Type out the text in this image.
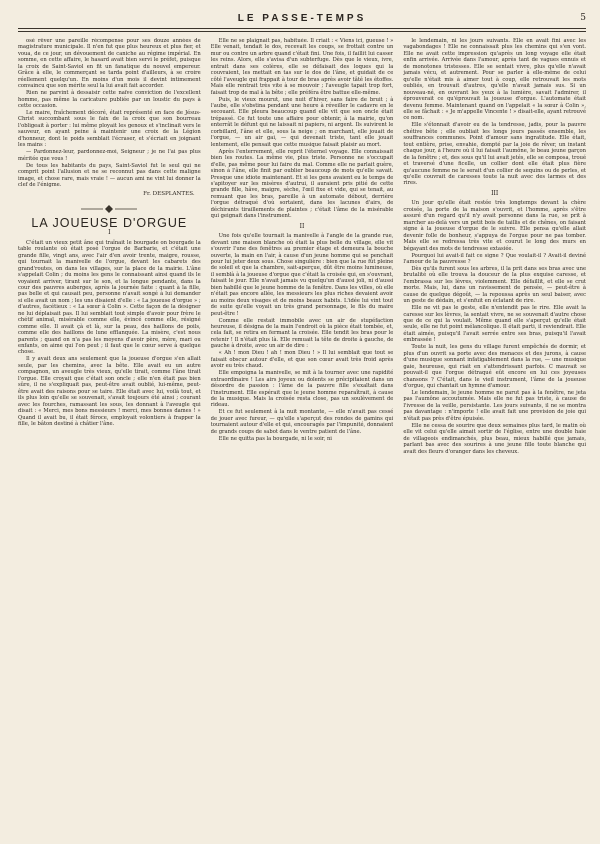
LE PASSE-TEMPS	5

osé rêver une pareille récompense pour ses douze années de magistrature municipale. Il n'en fut que plus heureux et plus fier, et voua, de ce jour, un dévouement de caniche au régime impérial. En somme, en cette affaire, le hasard avait bien servi le préfet, puisque la croix de Saint-Saviol en fit un fanatique du nouvel empereur. Grâce à elle, le commerçant se tarda point d'ailleurs, à se croire réellement quelqu'un. En moins d'un mois il devint intimement convaincu que son mérite seul la lui avait fait accorder.

Rien ne parvint à dessaisir cette naïve conviction de l'excellent homme, pas même la caricature publiée par un loustic du pays à cette occasion.

Le maire, fraîchement décoré, était représenté en face de Jésus-Christ succombant sous le faix de la croix que son bourreau l'obligeait à porter : lui même ployait les genoux et s'inclinait vers le sauveur, en ayant peine à maintenir une croix de la Légion d'honneur, dont le poids semblait l'écraser, et s'écriait en joignant les mains :

— Pardonnez-leur, pardonnez-moi, Seigneur ; je ne l'ai pas plus méritée que vous !

De tous les habitants du pays, Saint-Saviol fut le seul qui ne comprit point l'allusion et ne se reconnut pas dans cette maligne image, et chose rare, mais vraie ! — aucun ami ne vint lui donner la clef de l'énigme.

Fr. DESPLANTES.
LA JOUEUSE D'ORGUE
I

C'était un vieux petit âne qui traînait le bourgade on bourgade la table roulante où était posé l'orgue de Barbarie, et c'était une grande fille, vingt ans, avec l'air d'en avoir trente, maigre, rousse, qui tournait la manivelle de l'orgue, devant les cabarets des grand'routes, on dans les villages, sur la place de la mairie. L'âne s'appelait Colin ; du moins les gens le connaissant ainsi quand ils le voyaient arriver, tirant sur le son, et la longue pendante, dans la cour des pauvres auberges, après la journée faite : quant à la fille, pas belle et qui causait peu, personne n'avait songé à lui demander si elle avait un nom ; les uns disaient d'elle : « La joueuse d'orgue » ; d'autres, facétieux : « La sœur à Colin ». Cette façon de la désigner ne lui déplaisait pas. Il lui semblait tout simple d'avoir pour frère le chétif animal, misérable comme elle, évincé comme elle, résigné comme elle. Il avait çà et là, sur la peau, des haillons de poils, comme elle des haillons de lune efflanquée. La misère, c'est nous parents ; quand on n'a pas les moyens d'avoir père, mère, mari ou enfants, on aime qui l'on peut ; il faut que le cœur serve à quelque chose.

Il y avait deux ans seulement que la joueuse d'orgue s'en allait seule, par les chemins, avec la bête. Elle avait eu un autre compagnon, un aveugle très vieux, qu'elle tirait, comme l'âne tirait l'orgue. Elle croyait que c'était son oncle ; elle n'en était pas bien sûre, il ne s'expliquait pas, peut-être avait oublié, lui-même, peut-être avait des raisons pour se taire. Elle était avec lui, voilà tout, et ils plus loin qu'elle se souvenait, s'avait toujours été ainsi ; courant avec les fourches, ramassant les sous, les donnant à l'aveugle qui disait : « Merci, mes bons messieurs ! merci, mes bonnes dames ! » Quand il avait bu, il était féroce, employait volontiers à frapper la fille, le bâton destiné à châtier l'âne.

Elle ne se plaignait pas, habituée. Il criait : « Viens ici, gueuse ! » Elle venait, tendait le dos, recevait les coups, se frottait contre un mur ou contre un arbre quand c'était fini. Une fois, il faillit lui casser les reins. Alors, elle s'avisa d'un subterfuge. Dès que le vieux, ivre, entrait dans ses colères, elle se défaisait des loques qui la couvraient, les mettait en tas sur le dos de l'âne, et guidait de ce côté l'aveugle qui frappait à tour de bras après avoir tâté les étoffes. Mais elle rentrait très vite à se mouvoir ; l'aveugle tapait trop fort, faisait trop de mal à la bête ; elle préféra être battue elle-même.

Puis, le vieux mourut, une nuit d'hiver, sans faire de bruit ; à l'aube, elle s'obstina pendant une heure à réveiller le cadavre en le secouant. Elle pleura beaucoup quand elle vit que son oncle était trépassé. Ce fut toute une affaire pour obtenir, à la mairie, qu'on enterrât le défunt qui ne laissait ni papiers, ni argent. Ils suivirent le corbillard, l'âne et elle, sous la neige ; on marchant, elle jouait de l'orgue, — un air gai, — qui devenait triste, tant elle jouait lentement, elle pensait que cette musique faisait plaisir au mort.

Après l'enterrement, elle reprit l'éternel voyage. Elle connaissait bien les routes. La même vie, plus triste. Personne ne s'occupait d'elle, pas même pour lui faire du mal. Comme elle ne parlait guère, sinon à l'âne, elle finit par oublier beaucoup de mots qu'elle savait. Presque une idiote maintenant. Et si les gens avaient eu le temps de s'apitoyer sur les misères d'autrui, il auraient pris pitié de cette grande fille, hâve, maigre, sèche, l'œil fixe et vide, qui se tenait, au remuant que les bras, pareille à un automate débout, derrière l'orgue détraqué d'où sortaient, dans les lacunes d'airs, de déchirants tiraillements de plaintes ; c'était l'âme de la misérable qui geignait dans l'instrument.

II

Une fois qu'elle tournait la manivelle à l'angle de la grande rue, devant une maison blanche où était la plus belle du village, elle vit s'ouvrir l'une des fenêtres au premier étage et demeura la bouche ouverte, la main en l'air, à cause d'un jeune homme qui se penchait pour lui jeter deux sous. Chose singulière : bien que la rue fût pleine de soleil et que la chambre, sait-aperçue, dût être moins lumineuse, il semblà à la joueuse d'orgue que c'était la croisée qui, en s'ouvrant, faisait le jour. Elle n'avait jamais vu quelqu'un d'aussi joli, ni d'aussi bien habillé que le jeune homme de la fenêtre. Dans les villes, où elle n'était pas encore allée, les messieurs les plus riches devaient avoir au moins deux visages et de moins beaux habits. L'idée lui vint tout de suite qu'elle voyait un très grand personnage, le fils du maire peut-être !

Comme elle restait immobile avec un air de stupéfaction heureuse, il désigna de la main l'endroit où la pièce était tombée, et, cela fait, se retira en fermant la croisée. Elle tendit les bras pour le retenir ! Il n'était plus là. Elle remuait la tête de droite à gauche, de gauche à droite, avec un air de dire :

« Ah ! mon Dieu ! ah ! mon Dieu ! » Il lui semblait que tout se faisait obscur autour d'elle, et que son cœur avait très froid après avoir eu très chaud.

Elle empoigna la manivelle, se mit à la tourner avec une rapidité extraordinaire ! Les airs joyeux ou dolents se précipitaient dans un désordre de passion : l'âme de la pauvre fille s'exaltait dans l'instrument. Elle espérait que le jeune homme reparaîtrait, à cause de la musique. Mais la croisée resta close, pas un soulèvement de rideau.

Et ce fut seulement à la nuit montante, — elle n'avait pas cessé de jouer avec fureur, — qu'elle s'aperçut des rondes de gamins qui tournaient autour d'elle et qui, encouragés par l'impunité, donnaient de grands coups de sabot dans le ventre patient de l'âne.

Elle ne quitta pas la bourgade, ni le soir, ni

le lendemain, ni les jours suivants. Elle en avait fini avec les vagabondages ! Elle ne connaissait plus les chemins qui s'en vont. Elle ne avait cette impression qu'après un long voyage elle était enfin arrivée. Arrivée dans l'amour, après tant de vagues ennuis et de monotones tristesses. Elle se sentait vivre, plus qu'elle n'avait jamais vécu, et autrement. Pour se parler à elle-même de celui qu'elle n'était mis à aimer tout à coup, elle retrouvait les mots oubliés, en trouvait d'autres, qu'elle n'avait jamais sus. Si un nouveau-né, en ouvrant les yeux à la lumière, savait l'admirer, il éprouverait ce qu'éprouvait la joueuse d'orgue. L'automate était devenu femme. Maintenant quand on l'appelait « la sœur à Colin », elle se fâchait : « Je m'appelle Vincente ! » disait-elle, ayant retrouvé ce nom.

Elle s'étonnait d'avoir eu de la tendresse, jadis, pour la pauvre chétive bête ; elle oubliait les longs jours passés ensemble, les souffrances communes. Point d'amour sans ingratitude. Elle était, tout entière, prise, envahie, dompté par la joie de rêver, un instant chaque jour, à l'heure où il lui faisait l'aumône, le beau jeune garçon de la fenêtre ; et, des sous qu'il lui avait jetés, elle se composa, troué et traversé d'une ficelle, un collier dont elle était plus fière qu'aucune femme ne le serait d'un collier de sequins ou de perles, et qu'elle couvrait de caresses toute la nuit avec des larmes et des rires.

III

Un jour qu'elle était restée très longtemps devant la chère croisée, la porte de la maison s'ouvrit, et l'homme, après s'être assuré d'un regard qu'il n'y avait personne dans la rue, se prit à marcher au-delà vers un petit bois de taillis et de chênes, on faisant signe à la joueuse d'orgue de le suivre. Elle pensa qu'elle allait devenir folle de bonheur, s'appuya de l'orgue pour ne pas tomber. Mais elle se redressa très vite et courut le long des murs en bégayant des mots de tendresse extasiée.

Pourquoi lui avait-il fait ce signe ? Que voulait-il ? Avait-il deviné l'amour de la pauvresse ?

Dès qu'ils furent sous les arbres, il la prit dans ses bras avec une brutalité où elle trouva la douceur de la plus exquise caresse, et l'embrassa sur les lèvres, violemment. Elle défaillit, et elle se crut morte. Mais, lui, dans un ravissement de pensée, — peut-être à cause de quelque dégoût, — la repoussa après un seul baiser, avec un geste de dédain, et s'enfuit en éclatant de rire.

Elle ne vit pas le geste, elle n'entendit pas le rire. Elle avait la caresse sur les lèvres, la sentait vivre, ne se souvenait d'autre chose que de ce qui la voulait. Même quand elle s'aperçut qu'elle était seule, elle ne fut point mélancolique. Il était parti, il reviendrait. Elle était aimée, puisqu'il l'avait serrée entre ses bras, puisqu'il l'avait embrassée !

Toute la nuit, les gens du village furent empêchés de dormir, et plus d'un ouvrit sa porte avec des menaces et des jurons, à cause d'une musique sonnant infatigablement dans la rue, — une musique gaie, heureuse, qui riait en s'attendrissant parfois. C mauvait se pouvait-il que l'orgue détraqué eût encore en lui ces joyeuses chansons ? C'était, dans le vieil instrument, l'âme de la joueuse d'orgue, qui chantait un hymne d'amour.

Le lendemain, le jeune homme ne parut pas à la fenêtre, ne jeta pas l'aumône accoutumée. Mais elle ne fut pas triste, à cause de l'ivresse de la veille, persistante. Les jours suivants, il ne se montra pas davantage : n'importe ! elle avait fait une provision de joie qui n'était pas près d'être épuisée.

Elle ne cessa de sourire que deux semaines plus tard, le matin où elle vit celui qu'elle aimait sortir de l'église, entre une double haie de villageois endimanchés, plus beau, mieux habillé que jamais, parlant bas avec des sourires à une jeune fille toute blanche qui avait des fleurs d'oranger dans les cheveux.
